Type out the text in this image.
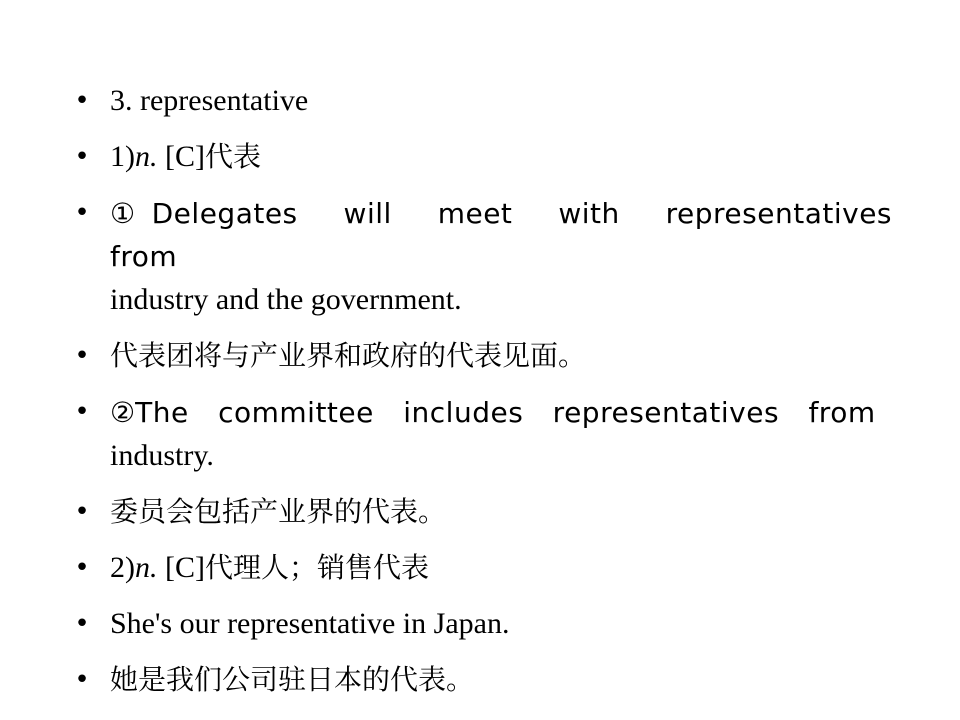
• 3. representative
• 1)n. [C]代表
• ①Delegates will meet with representatives from
industry and the government.
• 代表团将与产业界和政府的代表见面。
• ②The committee includes representatives from
industry.
• 委员会包括产业界的代表。
• 2)n. [C]代理人；销售代表
• She's our representative in Japan.
• 她是我们公司驻日本的代表。
